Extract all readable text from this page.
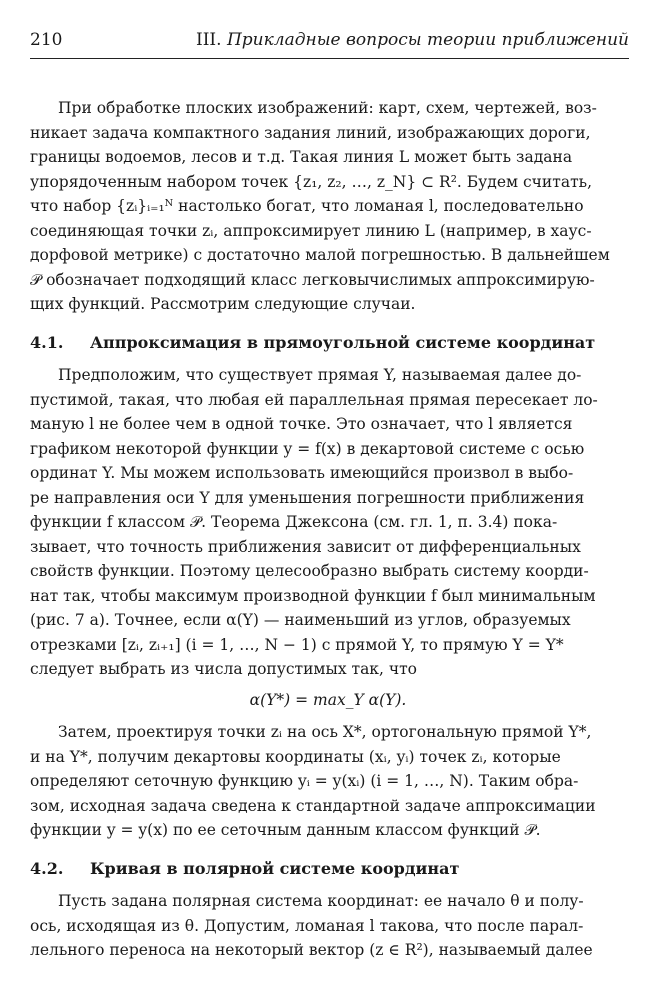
210	III. Прикладные вопросы теории приближений
При обработке плоских изображений: карт, схем, чертежей, воз-
никает задача компактного задания линий, изображающих дороги,
границы водоемов, лесов и т.д. Такая линия L может быть задана
упорядоченным набором точек {z₁, z₂, …, z_N} ⊂ R². Будем считать,
что набор {zᵢ}ᵢ₌₁ᴺ настолько богат, что ломаная l, последовательно
соединяющая точки zᵢ, аппроксимирует линию L (например, в хаус-
дорфовой метрике) с достаточно малой погрешностью. В дальнейшем
𝒫 обозначает подходящий класс легковычислимых аппроксимирую-
щих функций. Рассмотрим следующие случаи.
4.1. Аппроксимация в прямоугольной системе координат
Предположим, что существует прямая Y, называемая далее до-
пустимой, такая, что любая ей параллельная прямая пересекает ло-
маную l не более чем в одной точке. Это означает, что l является
графиком некоторой функции y = f(x) в декартовой системе с осью
ординат Y. Мы можем использовать имеющийся произвол в выбо-
ре направления оси Y для уменьшения погрешности приближения
функции f классом 𝒫. Теорема Джексона (см. гл. 1, п. 3.4) пока-
зывает, что точность приближения зависит от дифференциальных
свойств функции. Поэтому целесообразно выбрать систему коорди-
нат так, чтобы максимум производной функции f был минимальным
(рис. 7 а). Точнее, если α(Y) — наименьший из углов, образуемых
отрезками [zᵢ, zᵢ₊₁] (i = 1, …, N − 1) с прямой Y, то прямую Y = Y*
следует выбрать из числа допустимых так, что
α(Y*) = max_Y α(Y).
Затем, проектируя точки zᵢ на ось X*, ортогональную прямой Y*,
и на Y*, получим декартовы координаты (xᵢ, yᵢ) точек zᵢ, которые
определяют сеточную функцию yᵢ = y(xᵢ) (i = 1, …, N). Таким обра-
зом, исходная задача сведена к стандартной задаче аппроксимации
функции y = y(x) по ее сеточным данным классом функций 𝒫.
4.2. Кривая в полярной системе координат
Пусть задана полярная система координат: ее начало θ и полу-
ось, исходящая из θ. Допустим, ломаная l такова, что после парал-
лельного переноса на некоторый вектор (z ∈ R²), называемый далее
